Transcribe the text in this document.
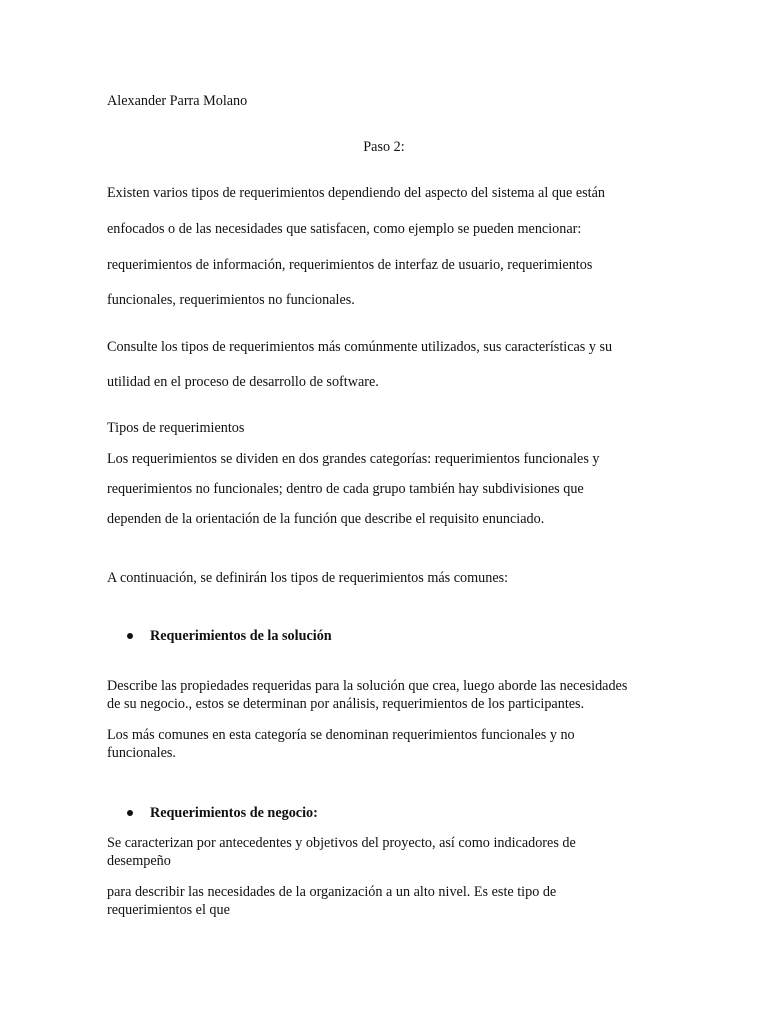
Alexander Parra Molano
Paso 2:
Existen varios tipos de requerimientos dependiendo del aspecto del sistema al que están
enfocados o de las necesidades que satisfacen, como ejemplo se pueden mencionar:
requerimientos de información, requerimientos de interfaz de usuario, requerimientos
funcionales, requerimientos no funcionales.
Consulte los tipos de requerimientos más comúnmente utilizados, sus características y su
utilidad en el proceso de desarrollo de software.
Tipos de requerimientos
Los requerimientos se dividen en dos grandes categorías: requerimientos funcionales y
requerimientos no funcionales; dentro de cada grupo también hay subdivisiones que
dependen de la orientación de la función que describe el requisito enunciado.
A continuación, se definirán los tipos de requerimientos más comunes:
Requerimientos de la solución
Describe las propiedades requeridas para la solución que crea, luego aborde las necesidades
de su negocio., estos se determinan por análisis, requerimientos de los participantes.
Los más comunes en esta categoría se denominan requerimientos funcionales y no
funcionales.
Requerimientos de negocio:
Se caracterizan por antecedentes y objetivos del proyecto, así como indicadores de
desempeño
para describir las necesidades de la organización a un alto nivel. Es este tipo de
requerimientos el que
